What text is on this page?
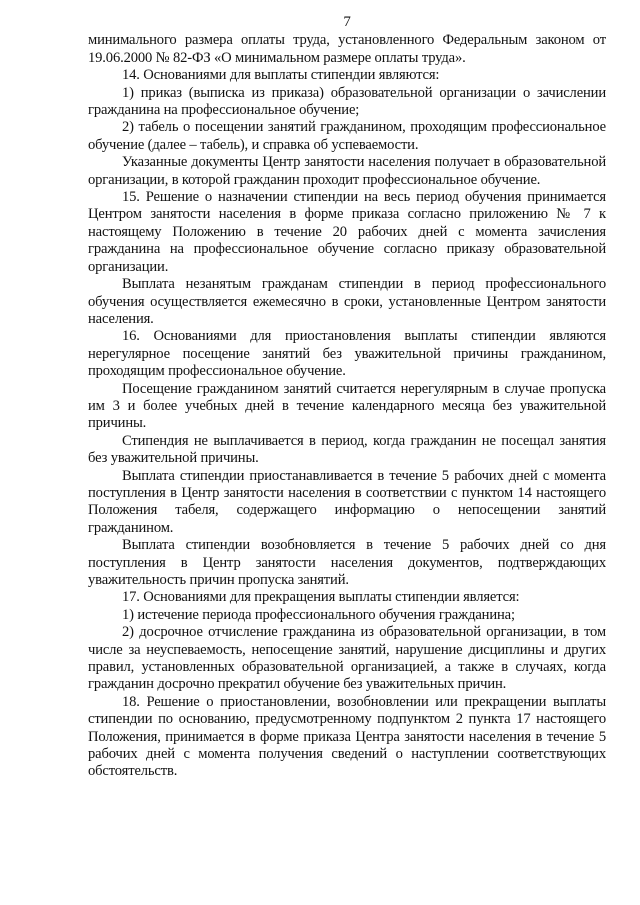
7

минимального размера оплаты труда, установленного Федеральным законом от 19.06.2000 № 82-ФЗ «О минимальном размере оплаты труда».

14. Основаниями для выплаты стипендии являются:

1) приказ (выписка из приказа) образовательной организации о зачислении гражданина на профессиональное обучение;

2) табель о посещении занятий гражданином, проходящим профессиональное обучение (далее – табель), и справка об успеваемости.

Указанные документы Центр занятости населения получает в образовательной организации, в которой гражданин проходит профессиональное обучение.

15. Решение о назначении стипендии на весь период обучения принимается Центром занятости населения в форме приказа согласно приложению № 7 к настоящему Положению в течение 20 рабочих дней с момента зачисления гражданина на профессиональное обучение согласно приказу образовательной организации.

Выплата незанятым гражданам стипендии в период профессионального обучения осуществляется ежемесячно в сроки, установленные Центром занятости населения.

16. Основаниями для приостановления выплаты стипендии являются нерегулярное посещение занятий без уважительной причины гражданином, проходящим профессиональное обучение.

Посещение гражданином занятий считается нерегулярным в случае пропуска им 3 и более учебных дней в течение календарного месяца без уважительной причины.

Стипендия не выплачивается в период, когда гражданин не посещал занятия без уважительной причины.

Выплата стипендии приостанавливается в течение 5 рабочих дней с момента поступления в Центр занятости населения в соответствии с пунктом 14 настоящего Положения табеля, содержащего информацию о непосещении занятий гражданином.

Выплата стипендии возобновляется в течение 5 рабочих дней со дня поступления в Центр занятости населения документов, подтверждающих уважительность причин пропуска занятий.

17. Основаниями для прекращения выплаты стипендии является:

1) истечение периода профессионального обучения гражданина;

2) досрочное отчисление гражданина из образовательной организации, в том числе за неуспеваемость, непосещение занятий, нарушение дисциплины и других правил, установленных образовательной организацией, а также в случаях, когда гражданин досрочно прекратил обучение без уважительных причин.

18. Решение о приостановлении, возобновлении или прекращении выплаты стипендии по основанию, предусмотренному подпунктом 2 пункта 17 настоящего Положения, принимается в форме приказа Центра занятости населения в течение 5 рабочих дней с момента получения сведений о наступлении соответствующих обстоятельств.
